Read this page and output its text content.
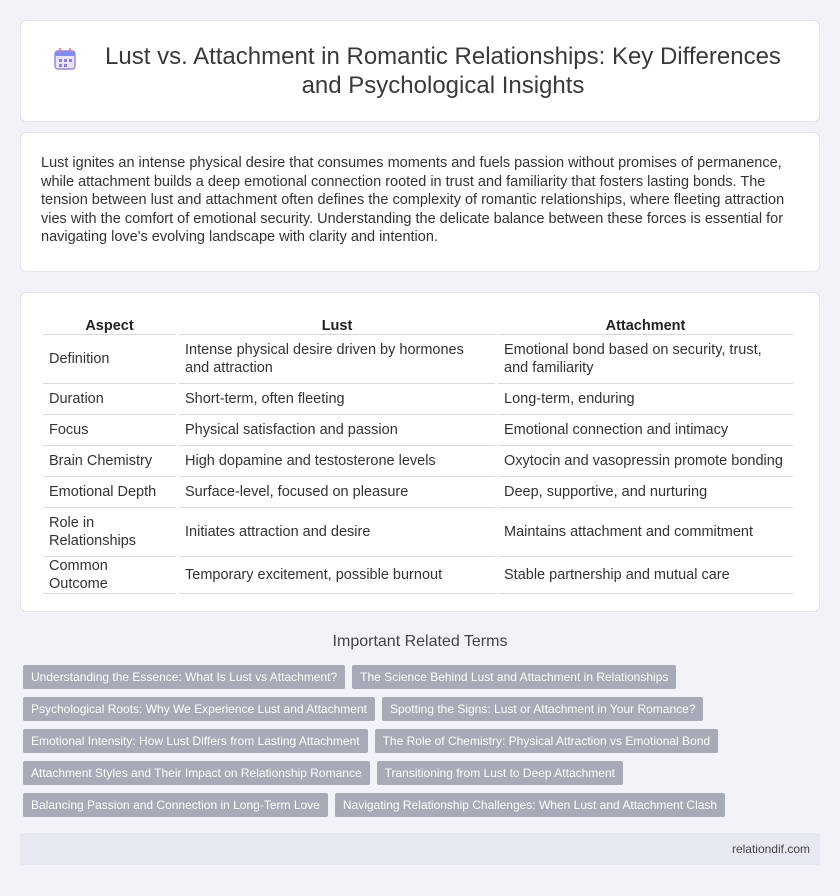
Lust vs. Attachment in Romantic Relationships: Key Differences and Psychological Insights

Lust ignites an intense physical desire that consumes moments and fuels passion without promises of permanence, while attachment builds a deep emotional connection rooted in trust and familiarity that fosters lasting bonds. The tension between lust and attachment often defines the complexity of romantic relationships, where fleeting attraction vies with the comfort of emotional security. Understanding the delicate balance between these forces is essential for navigating love's evolving landscape with clarity and intention.

Aspect	Lust	Attachment
Definition	Intense physical desire driven by hormones and attraction	Emotional bond based on security, trust, and familiarity
Duration	Short-term, often fleeting	Long-term, enduring
Focus	Physical satisfaction and passion	Emotional connection and intimacy
Brain Chemistry	High dopamine and testosterone levels	Oxytocin and vasopressin promote bonding
Emotional Depth	Surface-level, focused on pleasure	Deep, supportive, and nurturing
Role in Relationships	Initiates attraction and desire	Maintains attachment and commitment
Common Outcome	Temporary excitement, possible burnout	Stable partnership and mutual care
Important Related Terms
Understanding the Essence: What Is Lust vs Attachment?	The Science Behind Lust and Attachment in Relationships
Psychological Roots: Why We Experience Lust and Attachment	Spotting the Signs: Lust or Attachment in Your Romance?
Emotional Intensity: How Lust Differs from Lasting Attachment	The Role of Chemistry: Physical Attraction vs Emotional Bond
Attachment Styles and Their Impact on Relationship Romance	Transitioning from Lust to Deep Attachment
Balancing Passion and Connection in Long-Term Love	Navigating Relationship Challenges: When Lust and Attachment Clash
relationdif.com
